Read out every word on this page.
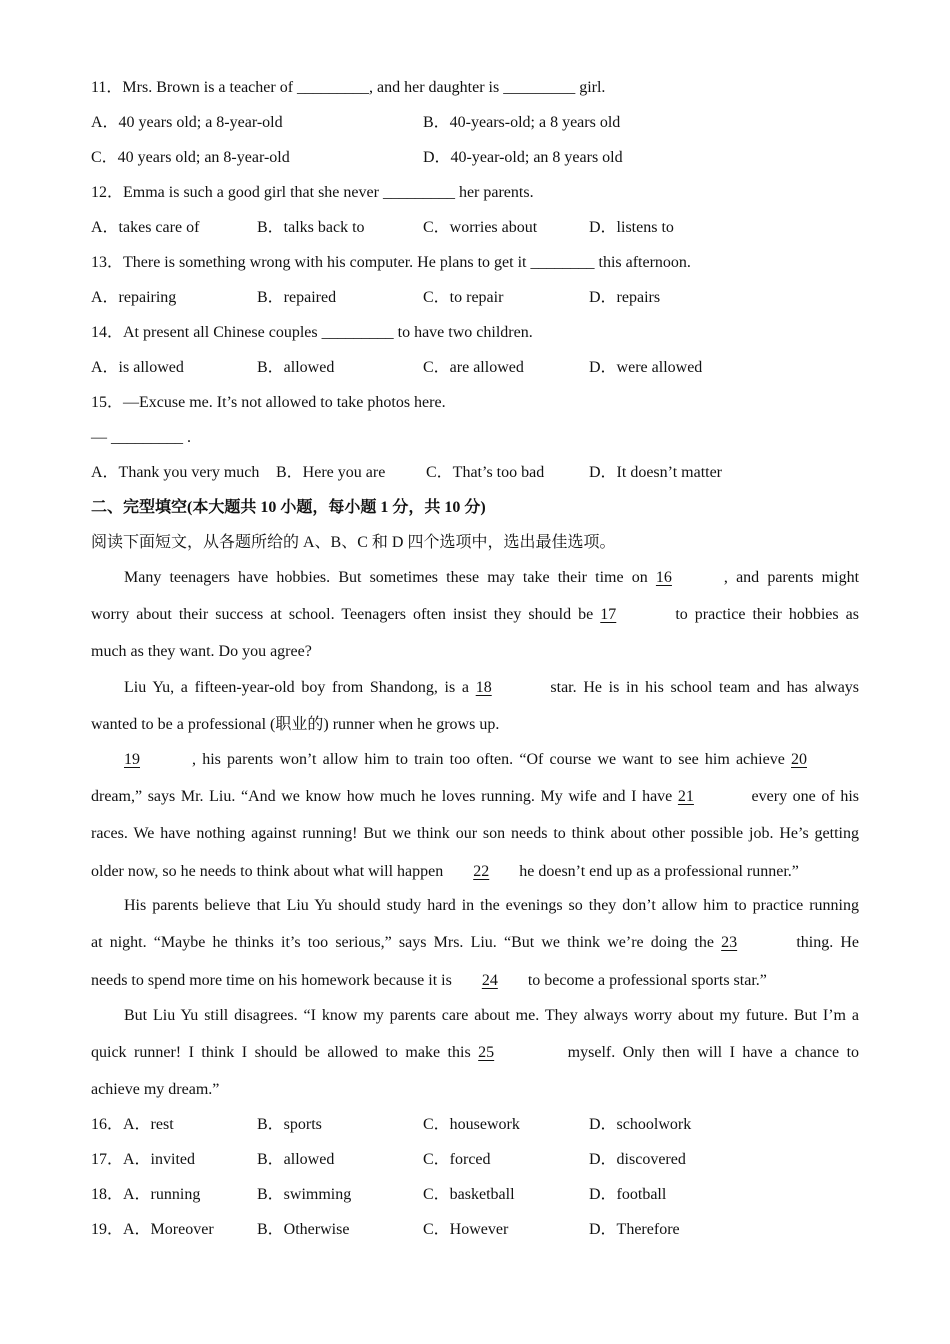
11．Mrs. Brown is a teacher of _________, and her daughter is _________ girl.
A．40 years old; a 8-year-old	B．40-years-old; a 8 years old
C．40 years old; an 8-year-old	D．40-year-old; an 8 years old
12．Emma is such a good girl that she never _________ her parents.
A．takes care of	B．talks back to	C．worries about	D．listens to
13．There is something wrong with his computer. He plans to get it ________ this afternoon.
A．repairing	B．repaired	C．to repair	D．repairs
14．At present all Chinese couples _________ to have two children.
A．is allowed	B．allowed	C．are allowed	D．were allowed
15．—Excuse me. It’s not allowed to take photos here.
— _________ .
A．Thank you very much B．Here you are	C．That’s too bad	D．It doesn’t matter
二、完型填空(本大题共 10 小题，每小题 1 分，共 10 分)
阅读下面短文，从各题所给的 A、B、C 和 D 四个选项中，选出最佳选项。
Many teenagers have hobbies. But sometimes these may take their time on 16	, and parents might
worry about their success at school. Teenagers often insist they should be 17	to practice their hobbies as
much as they want. Do you agree?
Liu Yu, a fifteen-year-old boy from Shandong, is a 18	star. He is in his school team and has always
wanted to be a professional (职业的) runner when he grows up.
19	, his parents won’t allow him to train too often. “Of course we want to see him achieve 20
dream,” says Mr. Liu. “And we know how much he loves running. My wife and I have 21	every one of his
races. We have nothing against running! But we think our son needs to think about other possible job. He’s getting
older now, so he needs to think about what will happen 22 he doesn’t end up as a professional runner.”
His parents believe that Liu Yu should study hard in the evenings so they don’t allow him to practice running
at night. “Maybe he thinks it’s too serious,” says Mrs. Liu. “But we think we’re doing the 23	thing. He
needs to spend more time on his homework because it is 24 to become a professional sports star.”
But Liu Yu still disagrees. “I know my parents care about me. They always worry about my future. But I’m a
quick runner! I think I should be allowed to make this 25	myself. Only then will I have a chance to
achieve my dream.”
16．A．rest	B．sports	C．housework	D．schoolwork
17．A．invited	B．allowed	C．forced	D．discovered
18．A．running	B．swimming	C．basketball	D．football
19．A．Moreover	B．Otherwise	C．However	D．Therefore
